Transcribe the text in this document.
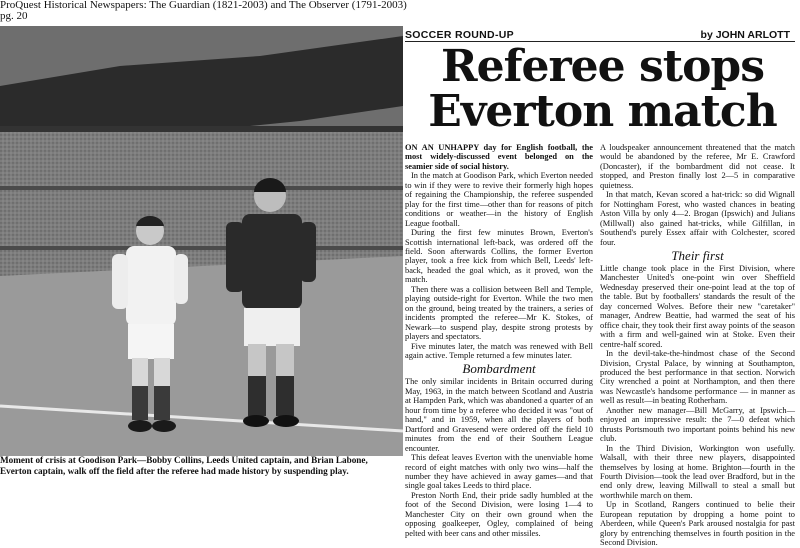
ProQuest Historical Newspapers: The Guardian (1821-2003) and The Observer (1791-2003)
pg. 20

Moment of crisis at Goodison Park—Bobby Collins, Leeds United captain, and Brian Labone,

Everton captain, walk off the field after the referee had made history by suspending play.

SOCCER ROUND-UP	by JOHN ARLOTT
Referee stops
Everton match

ON AN UNHAPPY day for English football, the most widely-discussed event belonged on the seamier side of social history.

In the match at Goodison Park, which Everton needed to win if they were to revive their formerly high hopes of regaining the Championship, the referee suspended play for the first time—other than for reasons of pitch conditions or weather—in the history of English League football.

During the first few minutes Brown, Everton's Scottish international left-back, was ordered off the field. Soon afterwards Collins, the former Everton player, took a free kick from which Bell, Leeds' left-back, headed the goal which, as it proved, won the match.

Then there was a collision between Bell and Temple, playing outside-right for Everton. While the two men on the ground, being treated by the trainers, a series of incidents prompted the referee—Mr K. Stokes, of Newark—to suspend play, despite strong protests by players and spectators.

Five minutes later, the match was renewed with Bell again active. Temple returned a few minutes later.

Bombardment

The only similar incidents in Britain occurred during May, 1963, in the match between Scotland and Austria at Hampden Park, which was abandoned a quarter of an hour from time by a referee who decided it was "out of hand," and in 1959, when all the players of both Dartford and Gravesend were ordered off the field 10 minutes from the end of their Southern League encounter.

This defeat leaves Everton with the unenviable home record of eight matches with only two wins—half the number they have achieved in away games—and that single goal takes Leeds to third place.

Preston North End, their pride sadly humbled at the foot of the Second Division, were losing 1—4 to Manchester City on their own ground when the opposing goalkeeper, Ogley, complained of being pelted with beer cans and other missiles.

A loudspeaker announcement threatened that the match would be abandoned by the referee, Mr E. Crawford (Doncaster), if the bombardment did not cease. It stopped, and Preston finally lost 2—5 in comparative quietness.

In that match, Kevan scored a hat-trick: so did Wignall for Nottingham Forest, who wasted chances in beating Aston Villa by only 4—2. Brogan (Ipswich) and Julians (Millwall) also gained hat-tricks, while Gilfillan, in Southend's purely Essex affair with Colchester, scored four.

Their first

Little change took place in the First Division, where Manchester United's one-point win over Sheffield Wednesday preserved their one-point lead at the top of the table. But by footballers' standards the result of the day concerned Wolves. Before their new "caretaker" manager, Andrew Beattie, had warmed the seat of his office chair, they took their first away points of the season with a firm and well-gained win at Stoke. Even their centre-half scored.

In the devil-take-the-hindmost chase of the Second Division, Crystal Palace, by winning at Southampton, produced the best performance in that section. Norwich City wrenched a point at Northampton, and then there was Newcastle's handsome performance — in manner as well as result—in beating Rotherham.

Another new manager—Bill McGarry, at Ipswich—enjoyed an impressive result: the 7—0 defeat which thrusts Portsmouth two important points behind his new club.

In the Third Division, Workington won usefully. Walsall, with their three new players, disappointed themselves by losing at home. Brighton—fourth in the Fourth Division—took the lead over Bradford, but in the end only drew, leaving Millwall to steal a small but worthwhile march on them.

Up in Scotland, Rangers continued to belie their European reputation by dropping a home point to Aberdeen, while Queen's Park aroused nostalgia for past glory by entrenching themselves in fourth position in the Second Division.
